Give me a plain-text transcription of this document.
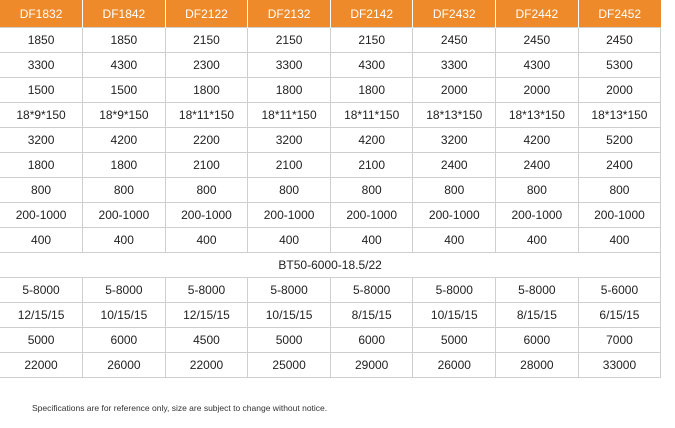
DF1832	DF1842	DF2122	DF2132	DF2142	DF2432	DF2442	DF2452
1850	1850	2150	2150	2150	2450	2450	2450
3300	4300	2300	3300	4300	3300	4300	5300
1500	1500	1800	1800	1800	2000	2000	2000
18*9*150	18*9*150	18*11*150	18*11*150	18*11*150	18*13*150	18*13*150	18*13*150
3200	4200	2200	3200	4200	3200	4200	5200
1800	1800	2100	2100	2100	2400	2400	2400
800	800	800	800	800	800	800	800
200-1000	200-1000	200-1000	200-1000	200-1000	200-1000	200-1000	200-1000
400	400	400	400	400	400	400	400
BT50-6000-18.5/22							
5-8000	5-8000	5-8000	5-8000	5-8000	5-8000	5-8000	5-6000
12/15/15	10/15/15	12/15/15	10/15/15	8/15/15	10/15/15	8/15/15	6/15/15
5000	6000	4500	5000	6000	5000	6000	7000
22000	26000	22000	25000	29000	26000	28000	33000
Specifications are for reference only, size are subject to change without notice.
